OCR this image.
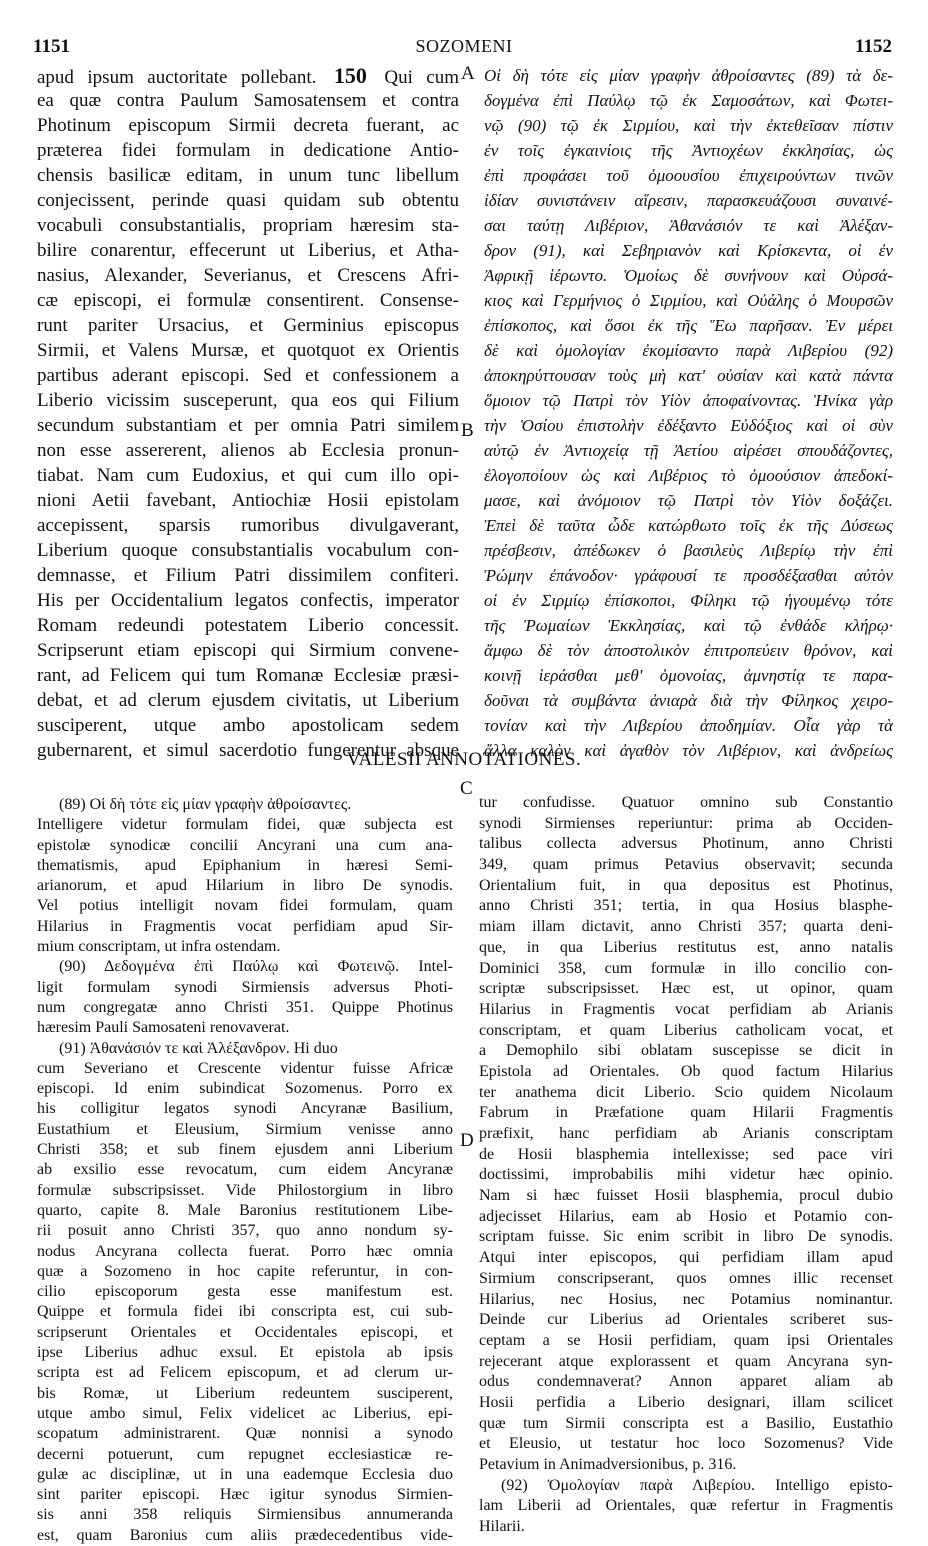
1151	SOZOMENI	1152
A
B
C
D
apud ipsum auctoritate pollebant. 150 Qui cum
ea quæ contra Paulum Samosatensem et contra
Photinum episcopum Sirmii decreta fuerant, ac
præterea fidei formulam in dedicatione Antio-
chensis basilicæ editam, in unum tunc libellum
conjecissent, perinde quasi quidam sub obtentu
vocabuli consubstantialis, propriam hæresim sta-
bilire conarentur, effecerunt ut Liberius, et Atha-
nasius, Alexander, Severianus, et Crescens Afri-
cæ episcopi, ei formulæ consentirent. Consense-
runt pariter Ursacius, et Germinius episcopus
Sirmii, et Valens Mursæ, et quotquot ex Orientis
partibus aderant episcopi. Sed et confessionem a
Liberio vicissim susceperunt, qua eos qui Filium
secundum substantiam et per omnia Patri similem
non esse assererent, alienos ab Ecclesia pronun-
tiabat. Nam cum Eudoxius, et qui cum illo opi-
nioni Aetii favebant, Antiochiæ Hosii epistolam
accepissent, sparsis rumoribus divulgaverant,
Liberium quoque consubstantialis vocabulum con-
demnasse, et Filium Patri dissimilem confiteri.
His per Occidentalium legatos confectis, imperator
Romam redeundi potestatem Liberio concessit.
Scripserunt etiam episcopi qui Sirmium convene-
rant, ad Felicem qui tum Romanæ Ecclesiæ præsi-
debat, et ad clerum ejusdem civitatis, ut Liberium
susciperent, utque ambo apostolicam sedem
gubernarent, et simul sacerdotio fungerentur absque
Οἱ δὴ τότε εἰς μίαν γραφὴν ἀθροίσαντες (89) τὰ δε-
δογμένα ἐπὶ Παύλῳ τῷ ἐκ Σαμοσάτων, καὶ Φωτει-
νῷ (90) τῷ ἐκ Σιρμίου, καὶ τὴν ἐκτεθεῖσαν πίστιν
ἐν τοῖς ἐγκαινίοις τῆς Ἀντιοχέων ἐκκλησίας, ὡς
ἐπὶ προφάσει τοῦ ὁμοουσίου ἐπιχειρούντων τινῶν
ἰδίαν συνιστάνειν αἵρεσιν, παρασκευάζουσι συναινέ-
σαι ταύτῃ Λιβέριον, Ἀθανάσιόν τε καὶ Ἀλέξαν-
δρον (91), καὶ Σεβηριανὸν καὶ Κρίσκεντα, οἱ ἐν
Ἀφρικῇ ἱέρωντο. Ὁμοίως δὲ συνήνουν καὶ Οὐρσά-
κιος καὶ Γερμήνιος ὁ Σιρμίου, καὶ Οὐάλης ὁ Μουρσῶν
ἐπίσκοπος, καὶ ὅσοι ἐκ τῆς Ἕω παρῆσαν. Ἐν μέρει
δὲ καὶ ὁμολογίαν ἐκομίσαντο παρὰ Λιβερίου (92)
ἀποκηρύττουσαν τοὺς μὴ κατ' οὐσίαν καὶ κατὰ πάντα
ὅμοιον τῷ Πατρὶ τὸν Υἱὸν ἀποφαίνοντας. Ἡνίκα γὰρ
τὴν Ὁσίου ἐπιστολὴν ἐδέξαντο Εὐδόξιος καὶ οἱ σὺν
αὐτῷ ἐν Ἀντιοχείᾳ τῇ Ἀετίου αἱρέσει σπουδάζοντες,
ἐλογοποίουν ὡς καὶ Λιβέριος τὸ ὁμοούσιον ἀπεδοκί-
μασε, καὶ ἀνόμοιον τῷ Πατρὶ τὸν Υἱὸν δοξάζει.
Ἐπεὶ δὲ ταῦτα ὧδε κατώρθωτο τοῖς ἐκ τῆς Δύσεως
πρέσβεσιν, ἀπέδωκεν ὁ βασιλεὺς Λιβερίῳ τὴν ἐπὶ
Ῥώμην ἐπάνοδον· γράφουσί τε προσδέξασθαι αὐτὸν
οἱ ἐν Σιρμίῳ ἐπίσκοποι, Φίληκι τῷ ἡγουμένῳ τότε
τῆς Ῥωμαίων Ἐκκλησίας, καὶ τῷ ἐνθάδε κλήρῳ·
ἄμφω δὲ τὸν ἀποστολικὸν ἐπιτροπεύειν θρόνον, καὶ
κοινῇ ἱεράσθαι μεθ' ὁμονοίας, ἀμνηστίᾳ τε παρα-
δοῦναι τὰ συμβάντα ἀνιαρὰ διὰ τὴν Φίληκος χειρο-
τονίαν καὶ τὴν Λιβερίου ἀποδημίαν. Οἷα γὰρ τὰ
ἄλλα καλὸν καὶ ἀγαθὸν τὸν Λιβέριον, καὶ ἀνδρείως
VALESII ANNOTATIONES.
(89) Οἱ δὴ τότε εἰς μίαν γραφὴν ἀθροίσαντες.
Intelligere videtur formulam fidei, quæ subjecta est
epistolæ synodicæ concilii Ancyrani una cum ana-
thematismis, apud Epiphanium in hæresi Semi-
arianorum, et apud Hilarium in libro De synodis.
Vel potius intelligit novam fidei formulam, quam
Hilarius in Fragmentis vocat perfidiam apud Sir-
mium conscriptam, ut infra ostendam.
(90) Δεδογμένα ἐπὶ Παύλῳ καὶ Φωτεινῷ. Intel-
ligit formulam synodi Sirmiensis adversus Photi-
num congregatæ anno Christi 351. Quippe Photinus
hæresim Pauli Samosateni renovaverat.
(91) Ἀθανάσιόν τε καὶ Ἀλέξανδρον. Hi duo
cum Severiano et Crescente videntur fuisse Africæ
episcopi. Id enim subindicat Sozomenus. Porro ex
his colligitur legatos synodi Ancyranæ Basilium,
Eustathium et Eleusium, Sirmium venisse anno
Christi 358; et sub finem ejusdem anni Liberium
ab exsilio esse revocatum, cum eidem Ancyranæ
formulæ subscripsisset. Vide Philostorgium in libro
quarto, capite 8. Male Baronius restitutionem Libe-
rii posuit anno Christi 357, quo anno nondum sy-
nodus Ancyrana collecta fuerat. Porro hæc omnia
quæ a Sozomeno in hoc capite referuntur, in con-
cilio episcoporum gesta esse manifestum est.
Quippe et formula fidei ibi conscripta est, cui sub-
scripserunt Orientales et Occidentales episcopi, et
ipse Liberius adhuc exsul. Et epistola ab ipsis
scripta est ad Felicem episcopum, et ad clerum ur-
bis Romæ, ut Liberium redeuntem susciperent,
utque ambo simul, Felix videlicet ac Liberius, epi-
scopatum administrarent. Quæ nonnisi a synodo
decerni potuerunt, cum repugnet ecclesiasticæ re-
gulæ ac disciplinæ, ut in una eademque Ecclesia duo
sint pariter episcopi. Hæc igitur synodus Sirmien-
sis anni 358 reliquis Sirmiensibus annumeranda
est, quam Baronius cum aliis prædecedentibus vide-
tur confudisse. Quatuor omnino sub Constantio
synodi Sirmienses reperiuntur: prima ab Occiden-
talibus collecta adversus Photinum, anno Christi
349, quam primus Petavius observavit; secunda
Orientalium fuit, in qua depositus est Photinus,
anno Christi 351; tertia, in qua Hosius blasphe-
miam illam dictavit, anno Christi 357; quarta deni-
que, in qua Liberius restitutus est, anno natalis
Dominici 358, cum formulæ in illo concilio con-
scriptæ subscripsisset. Hæc est, ut opinor, quam
Hilarius in Fragmentis vocat perfidiam ab Arianis
conscriptam, et quam Liberius catholicam vocat, et
a Demophilo sibi oblatam suscepisse se dicit in
Epistola ad Orientales. Ob quod factum Hilarius
ter anathema dicit Liberio. Scio quidem Nicolaum
Fabrum in Præfatione quam Hilarii Fragmentis
præfixit, hanc perfidiam ab Arianis conscriptam
de Hosii blasphemia intellexisse; sed pace viri
doctissimi, improbabilis mihi videtur hæc opinio.
Nam si hæc fuisset Hosii blasphemia, procul dubio
adjecisset Hilarius, eam ab Hosio et Potamio con-
scriptam fuisse. Sic enim scribit in libro De synodis.
Atqui inter episcopos, qui perfidiam illam apud
Sirmium conscripserant, quos omnes illic recenset
Hilarius, nec Hosius, nec Potamius nominantur.
Deinde cur Liberius ad Orientales scriberet sus-
ceptam a se Hosii perfidiam, quam ipsi Orientales
rejecerant atque explorassent et quam Ancyrana syn-
odus condemnaverat? Annon apparet aliam ab
Hosii perfidia a Liberio designari, illam scilicet
quæ tum Sirmii conscripta est a Basilio, Eustathio
et Eleusio, ut testatur hoc loco Sozomenus? Vide
Petavium in Animadversionibus, p. 316.
(92) Ὁμολογίαν παρὰ Λιβερίου. Intelligo episto-
lam Liberii ad Orientales, quæ refertur in Fragmentis
Hilarii.
